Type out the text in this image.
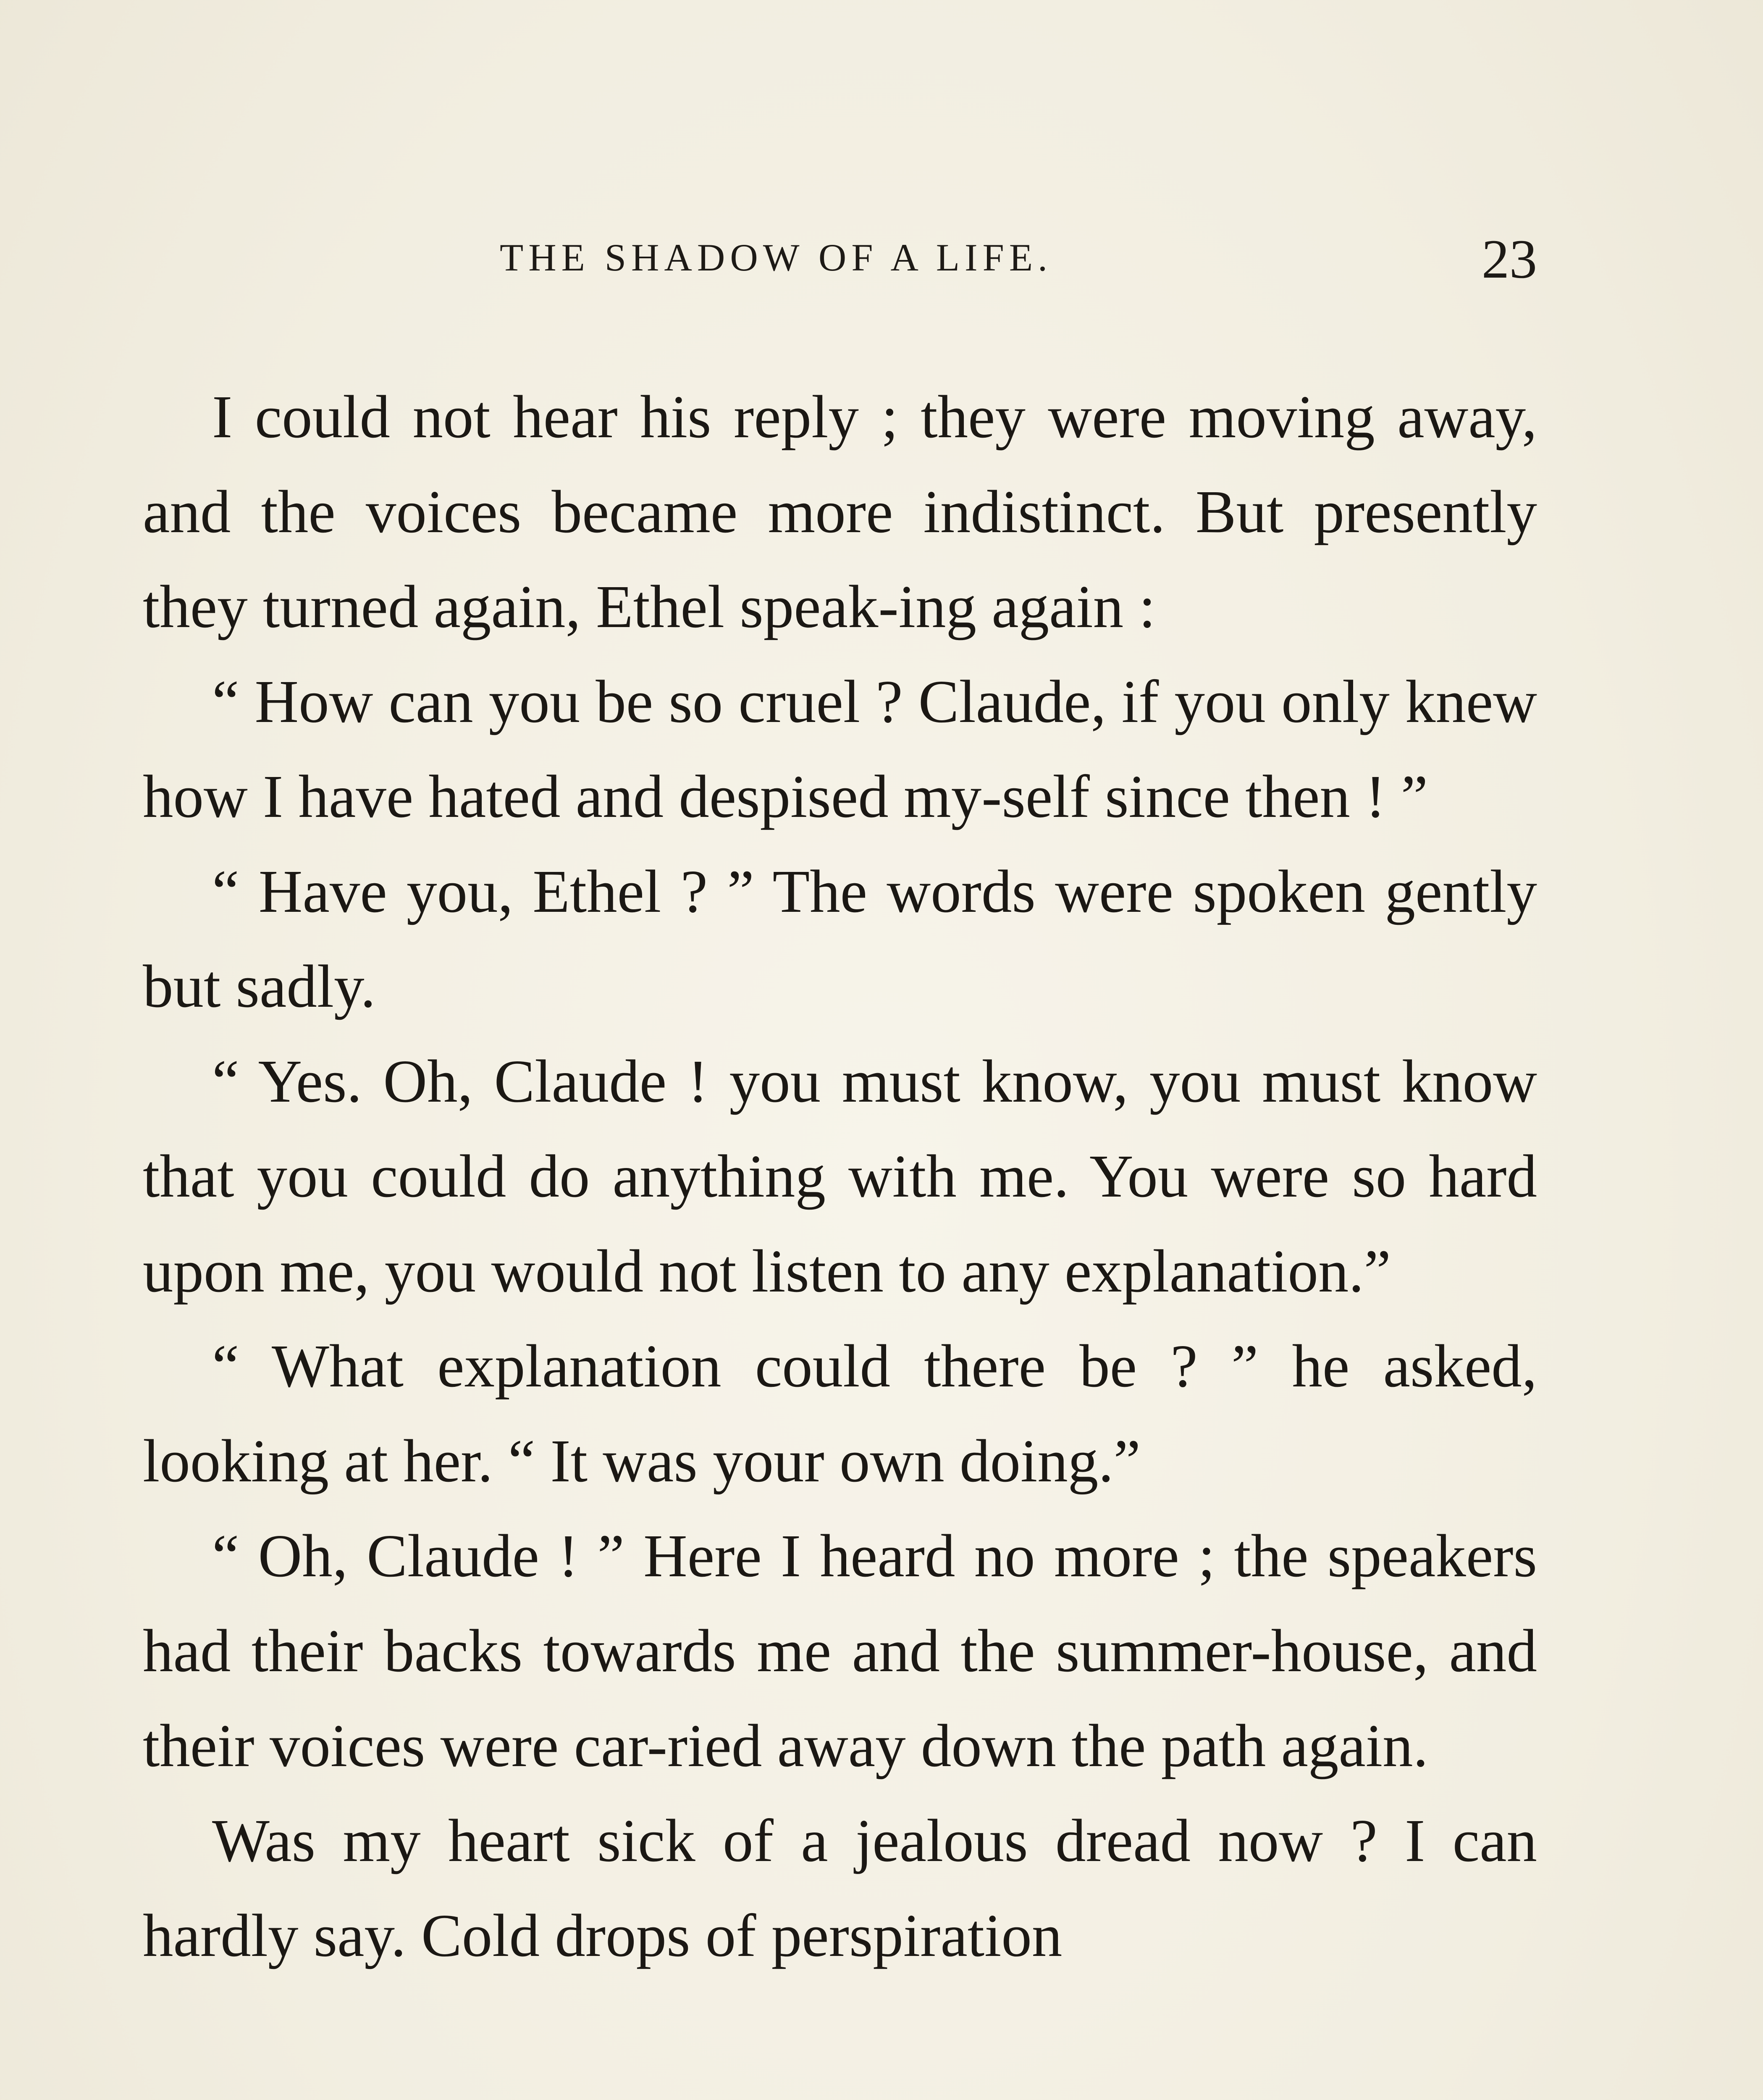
THE SHADOW OF A LIFE.	23

I could not hear his reply ; they were moving away, and the voices became more indistinct. But presently they turned again, Ethel speak-ing again :

“ How can you be so cruel ? Claude, if you only knew how I have hated and despised my-self since then ! ”

“ Have you, Ethel ? ” The words were spoken gently but sadly.

“ Yes. Oh, Claude ! you must know, you must know that you could do anything with me. You were so hard upon me, you would not listen to any explanation.”

“ What explanation could there be ? ” he asked, looking at her. “ It was your own doing.”

“ Oh, Claude ! ” Here I heard no more ; the speakers had their backs towards me and the summer-house, and their voices were car-ried away down the path again.

Was my heart sick of a jealous dread now ? I can hardly say. Cold drops of perspiration
